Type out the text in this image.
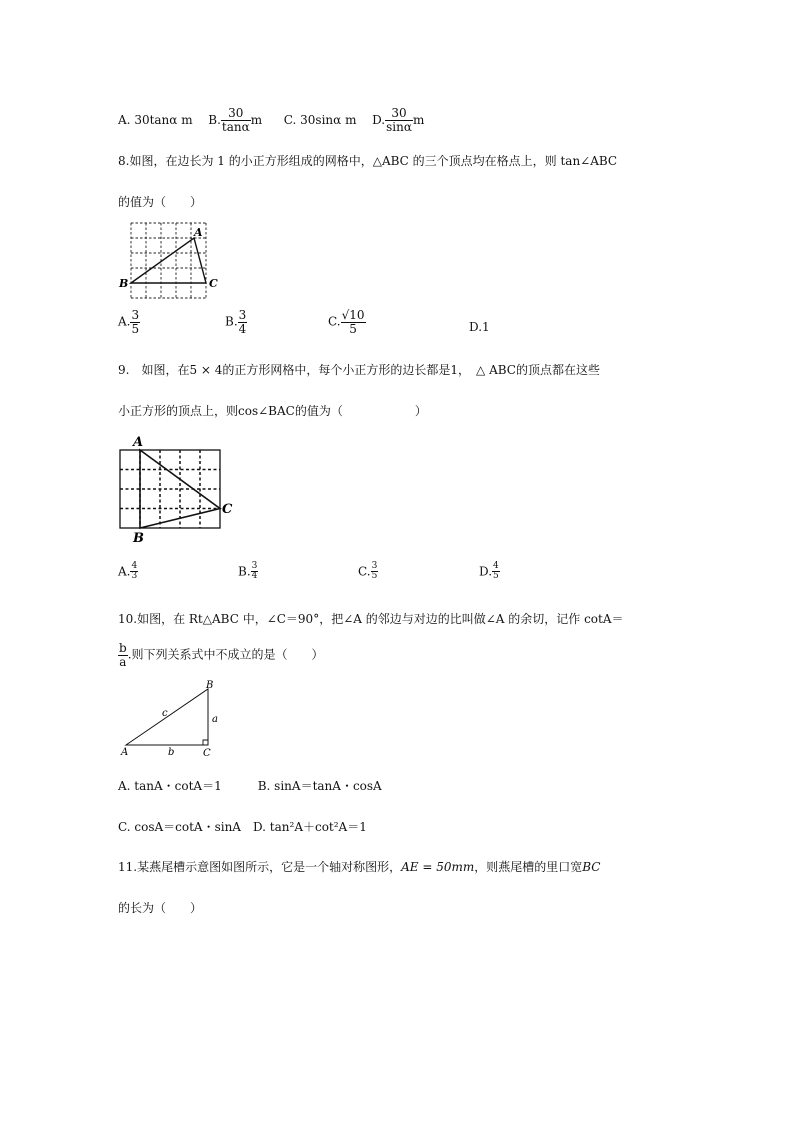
A. 30tanα m B. $\frac{30}{\tan\alpha}$ m C. 30sinα m D. $\frac{30}{\sin\alpha}$ m
8.如图，在边长为 1 的小正方形组成的网格中，△ABC 的三个顶点均在格点上，则 tan∠ABC
的值为（　　）
A
B	C
A. $\frac{3}{5}$	B. $\frac{3}{4}$	C. $\frac{√10}{5}$	D.1
9.　如图，在5 × 4的正方形网格中，每个小正方形的边长都是1，　△ ABC的顶点都在这些
小正方形的顶点上，则cos∠BAC的值为（　　　　　　）
A
B
C
A. $\frac{4}{3}$	B. $\frac{3}{4}$	C. $\frac{3}{5}$	D. $\frac{4}{5}$
10.如图，在 Rt△ABC 中，∠C＝90°，把∠A 的邻边与对边的比叫做∠A 的余切，记作 cotA＝
$\frac{b}{a}$ .则下列关系式中不成立的是（　　）
A
B
C
a
b
c
A. tanA・cotA＝1　　　B. sinA＝tanA・cosA
C. cosA＝cotA・sinA　D. tan²A＋cot²A＝1
11.某燕尾槽示意图如图所示，它是一个轴对称图形，AE = 50mm，则燕尾槽的里口宽BC
的长为（　　）
